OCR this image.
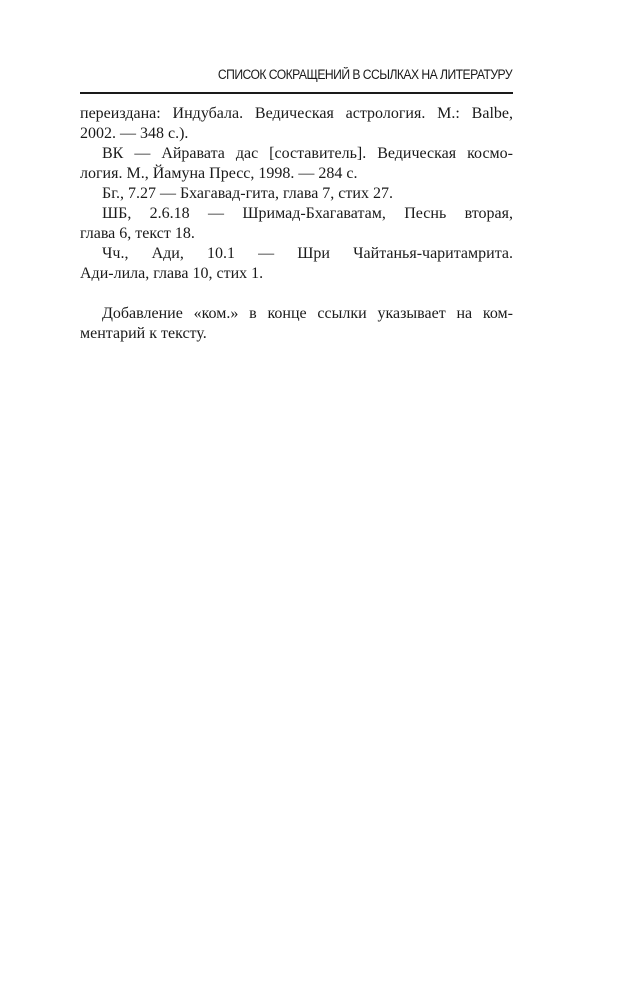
СПИСОК СОКРАЩЕНИЙ В ССЫЛКАХ НА ЛИТЕРАТУРУ
переиздана: Индубала. Ведическая астрология. М.: Balbe,
2002. — 348 с.).
ВК — Айравата дас [составитель]. Ведическая космо-
логия. М., Йамуна Пресс, 1998. — 284 с.
Бг., 7.27 — Бхагавад-гита, глава 7, стих 27.
ШБ, 2.6.18 — Шримад-Бхагаватам, Песнь вторая,
глава 6, текст 18.
Чч., Ади, 10.1 — Шри Чайтанья-чаритамрита.
Ади-лила, глава 10, стих 1.
Добавление «ком.» в конце ссылки указывает на ком-
ментарий к тексту.
